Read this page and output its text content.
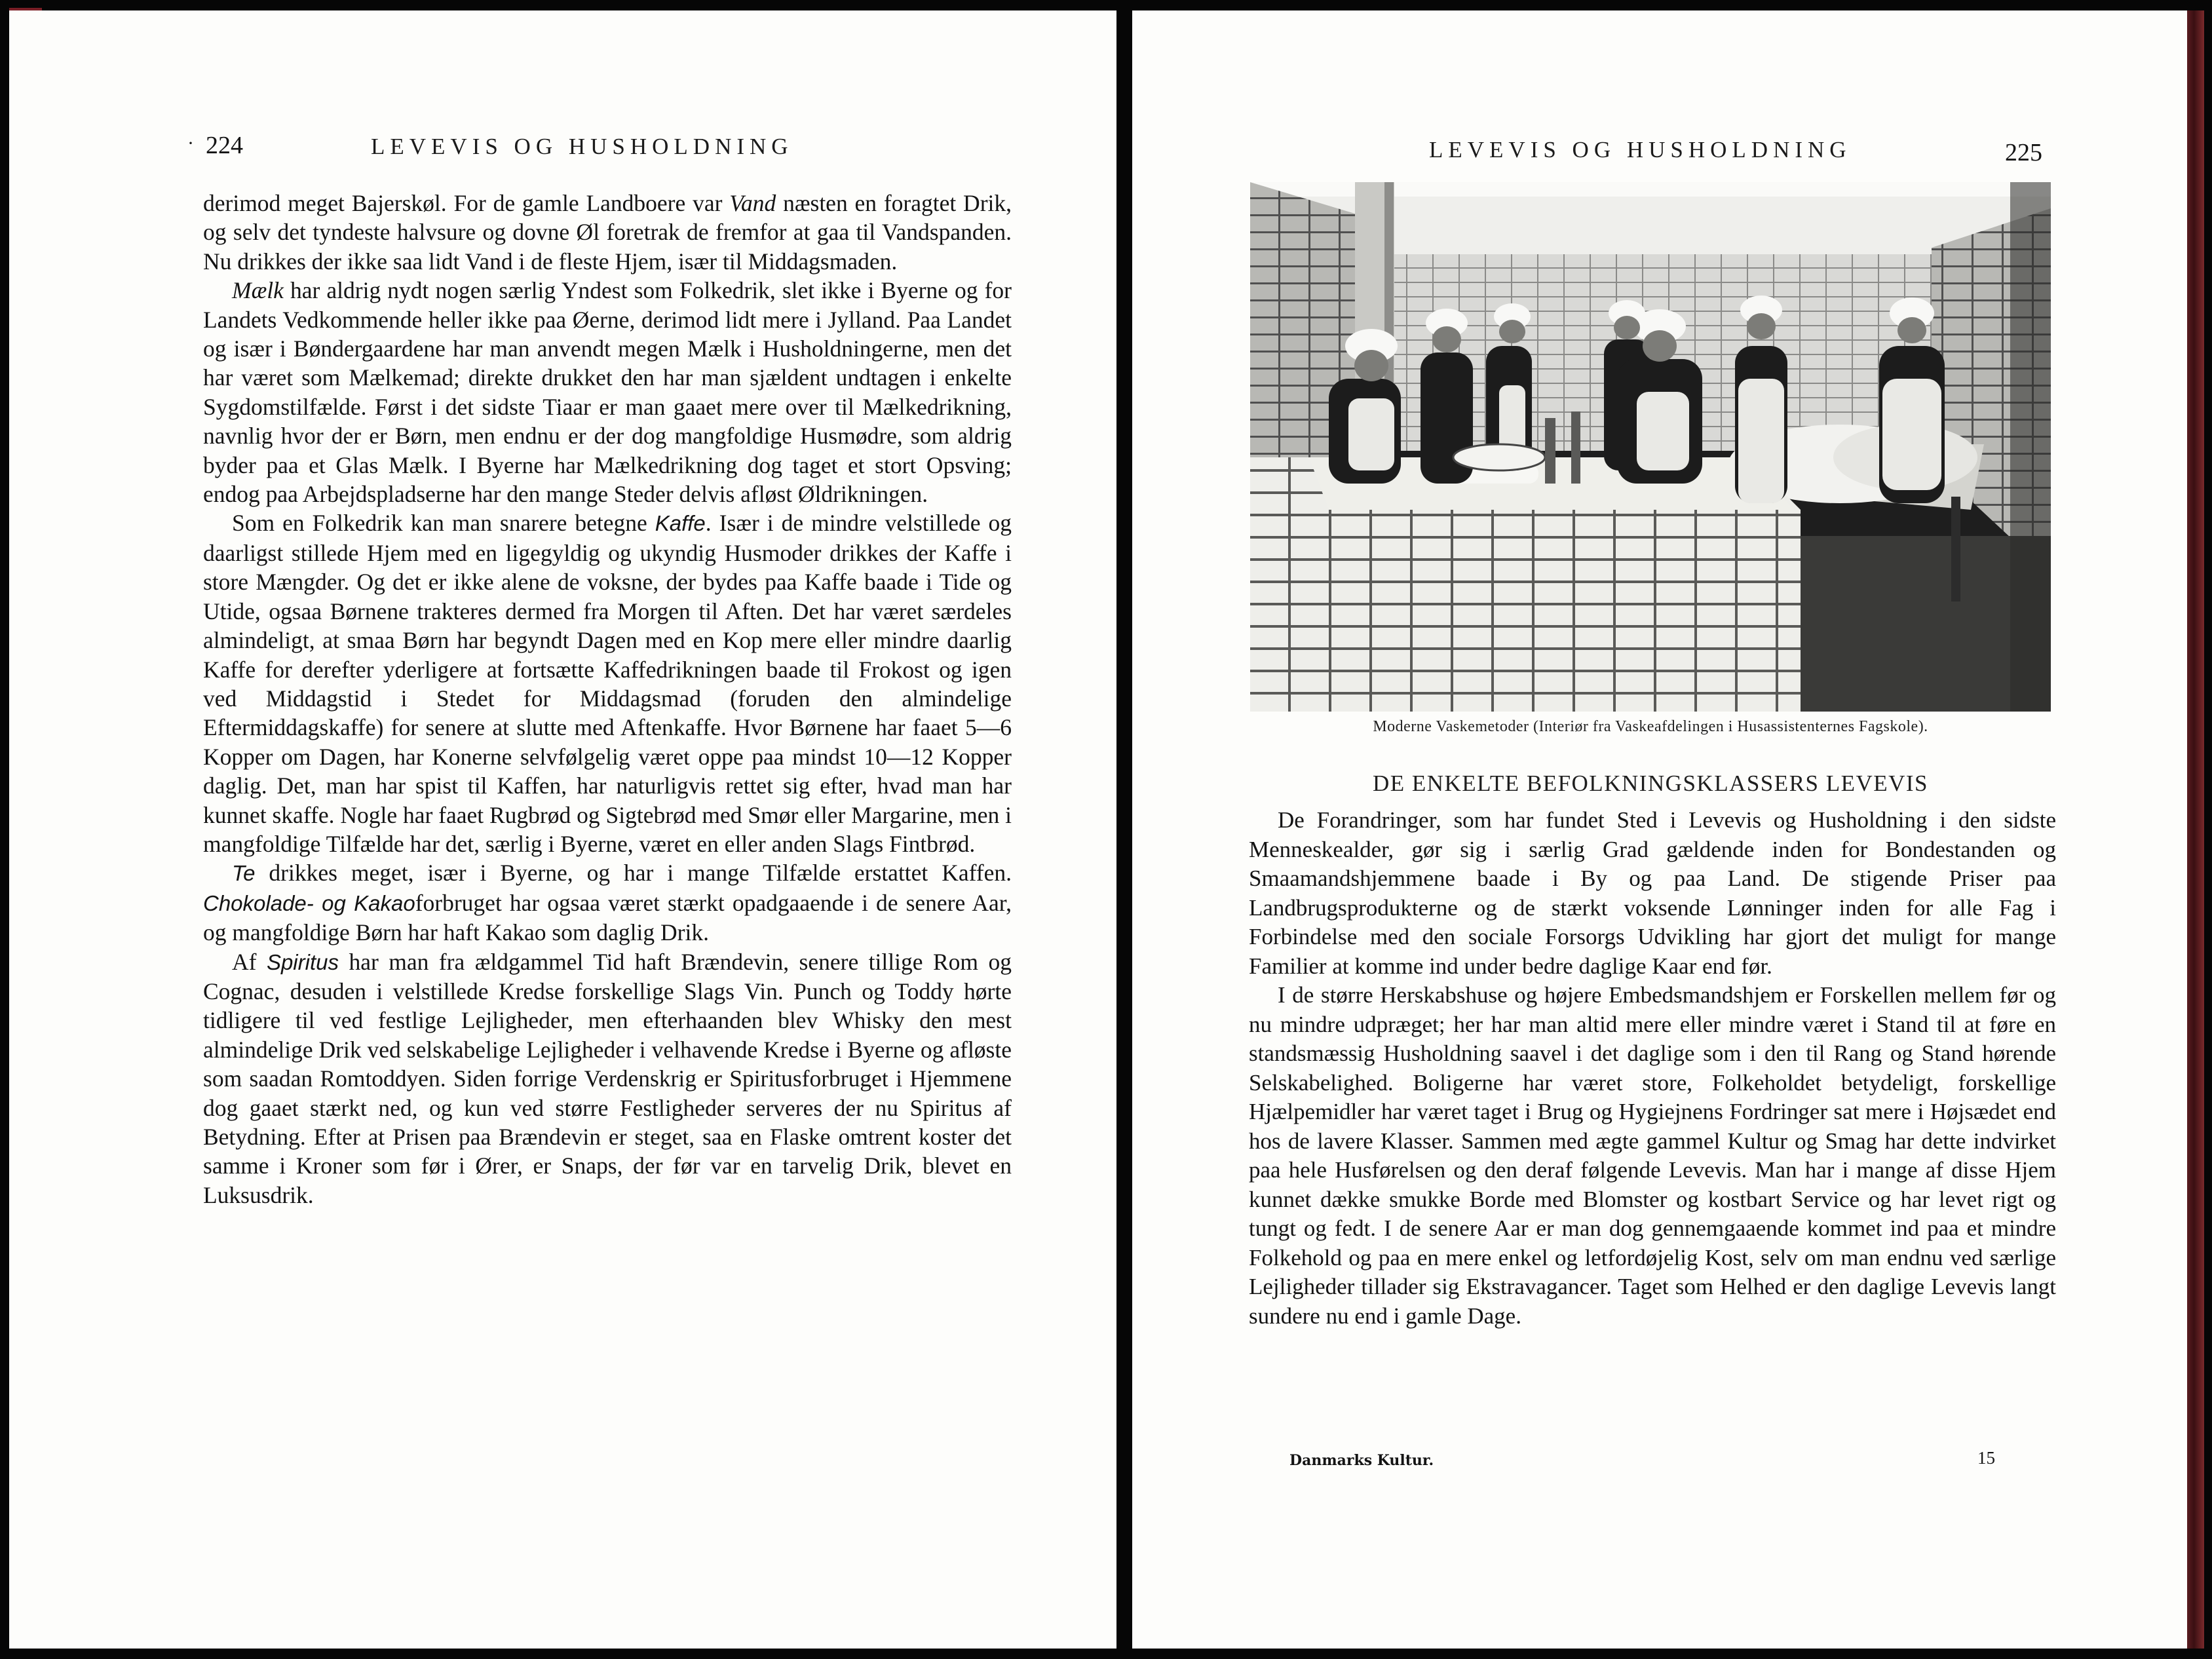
· 224	LEVEVIS OG HUSHOLDNING

derimod meget Bajerskøl. For de gamle Landboere var Vand næsten en foragtet Drik, og selv det tyndeste halvsure og dovne Øl foretrak de fremfor at gaa til Vandspanden. Nu drikkes der ikke saa lidt Vand i de fleste Hjem, især til Middagsmaden.

Mælk har aldrig nydt nogen særlig Yndest som Folkedrik, slet ikke i Byerne og for Landets Vedkommende heller ikke paa Øerne, derimod lidt mere i Jylland. Paa Landet og især i Bøndergaardene har man anvendt megen Mælk i Husholdningerne, men det har været som Mælkemad; direkte drukket den har man sjældent undtagen i enkelte Sygdomstilfælde. Først i det sidste Tiaar er man gaaet mere over til Mælkedrikning, navnlig hvor der er Børn, men endnu er der dog mangfoldige Husmødre, som aldrig byder paa et Glas Mælk. I Byerne har Mælkedrikning dog taget et stort Opsving; endog paa Arbejdspladserne har den mange Steder delvis afløst Øldrikningen.

Som en Folkedrik kan man snarere betegne Kaffe. Især i de mindre velstillede og daarligst stillede Hjem med en ligegyldig og ukyndig Husmoder drikkes der Kaffe i store Mængder. Og det er ikke alene de voksne, der bydes paa Kaffe baade i Tide og Utide, ogsaa Børnene trakteres dermed fra Morgen til Aften. Det har været særdeles almindeligt, at smaa Børn har begyndt Dagen med en Kop mere eller mindre daarlig Kaffe for derefter yderligere at fortsætte Kaffedrikningen baade til Frokost og igen ved Middagstid i Stedet for Middagsmad (foruden den almindelige Eftermiddagskaffe) for senere at slutte med Aftenkaffe. Hvor Børnene har faaet 5—6 Kopper om Dagen, har Konerne selvfølgelig været oppe paa mindst 10—12 Kopper daglig. Det, man har spist til Kaffen, har naturligvis rettet sig efter, hvad man har kunnet skaffe. Nogle har faaet Rugbrød og Sigtebrød med Smør eller Margarine, men i mangfoldige Tilfælde har det, særlig i Byerne, været en eller anden Slags Fintbrød.

Te drikkes meget, især i Byerne, og har i mange Tilfælde erstattet Kaffen. Chokolade- og Kakaoforbruget har ogsaa været stærkt opadgaaende i de senere Aar, og mangfoldige Børn har haft Kakao som daglig Drik.

Af Spiritus har man fra ældgammel Tid haft Brændevin, senere tillige Rom og Cognac, desuden i velstillede Kredse forskellige Slags Vin. Punch og Toddy hørte tidligere til ved festlige Lejligheder, men efterhaanden blev Whisky den mest almindelige Drik ved selskabelige Lejligheder i velhavende Kredse i Byerne og afløste som saadan Romtoddyen. Siden forrige Verdenskrig er Spiritusforbruget i Hjemmene dog gaaet stærkt ned, og kun ved større Festligheder serveres der nu Spiritus af Betydning. Efter at Prisen paa Brændevin er steget, saa en Flaske omtrent koster det samme i Kroner som før i Ører, er Snaps, der før var en tarvelig Drik, blevet en Luksusdrik.

LEVEVIS OG HUSHOLDNING	225
Moderne Vaskemetoder (Interiør fra Vaskeafdelingen i Husassistenternes Fagskole).
DE ENKELTE BEFOLKNINGSKLASSERS LEVEVIS

De Forandringer, som har fundet Sted i Levevis og Husholdning i den sidste Menneskealder, gør sig i særlig Grad gældende inden for Bondestanden og Smaamandshjemmene baade i By og paa Land. De stigende Priser paa Landbrugsprodukterne og de stærkt voksende Lønninger inden for alle Fag i Forbindelse med den sociale Forsorgs Udvikling har gjort det muligt for mange Familier at komme ind under bedre daglige Kaar end før.

I de større Herskabshuse og højere Embedsmandshjem er Forskellen mellem før og nu mindre udpræget; her har man altid mere eller mindre været i Stand til at føre en standsmæssig Husholdning saavel i det daglige som i den til Rang og Stand hørende Selskabelighed. Boligerne har været store, Folkeholdet betydeligt, forskellige Hjælpemidler har været taget i Brug og Hygiejnens Fordringer sat mere i Højsædet end hos de lavere Klasser. Sammen med ægte gammel Kultur og Smag har dette indvirket paa hele Husførelsen og den deraf følgende Levevis. Man har i mange af disse Hjem kunnet dække smukke Borde med Blomster og kostbart Service og har levet rigt og tungt og fedt. I de senere Aar er man dog gennemgaaende kommet ind paa et mindre Folkehold og paa en mere enkel og letfordøjelig Kost, selv om man endnu ved særlige Lejligheder tillader sig Ekstravagancer. Taget som Helhed er den daglige Levevis langt sundere nu end i gamle Dage.

Danmarks Kultur.	15
